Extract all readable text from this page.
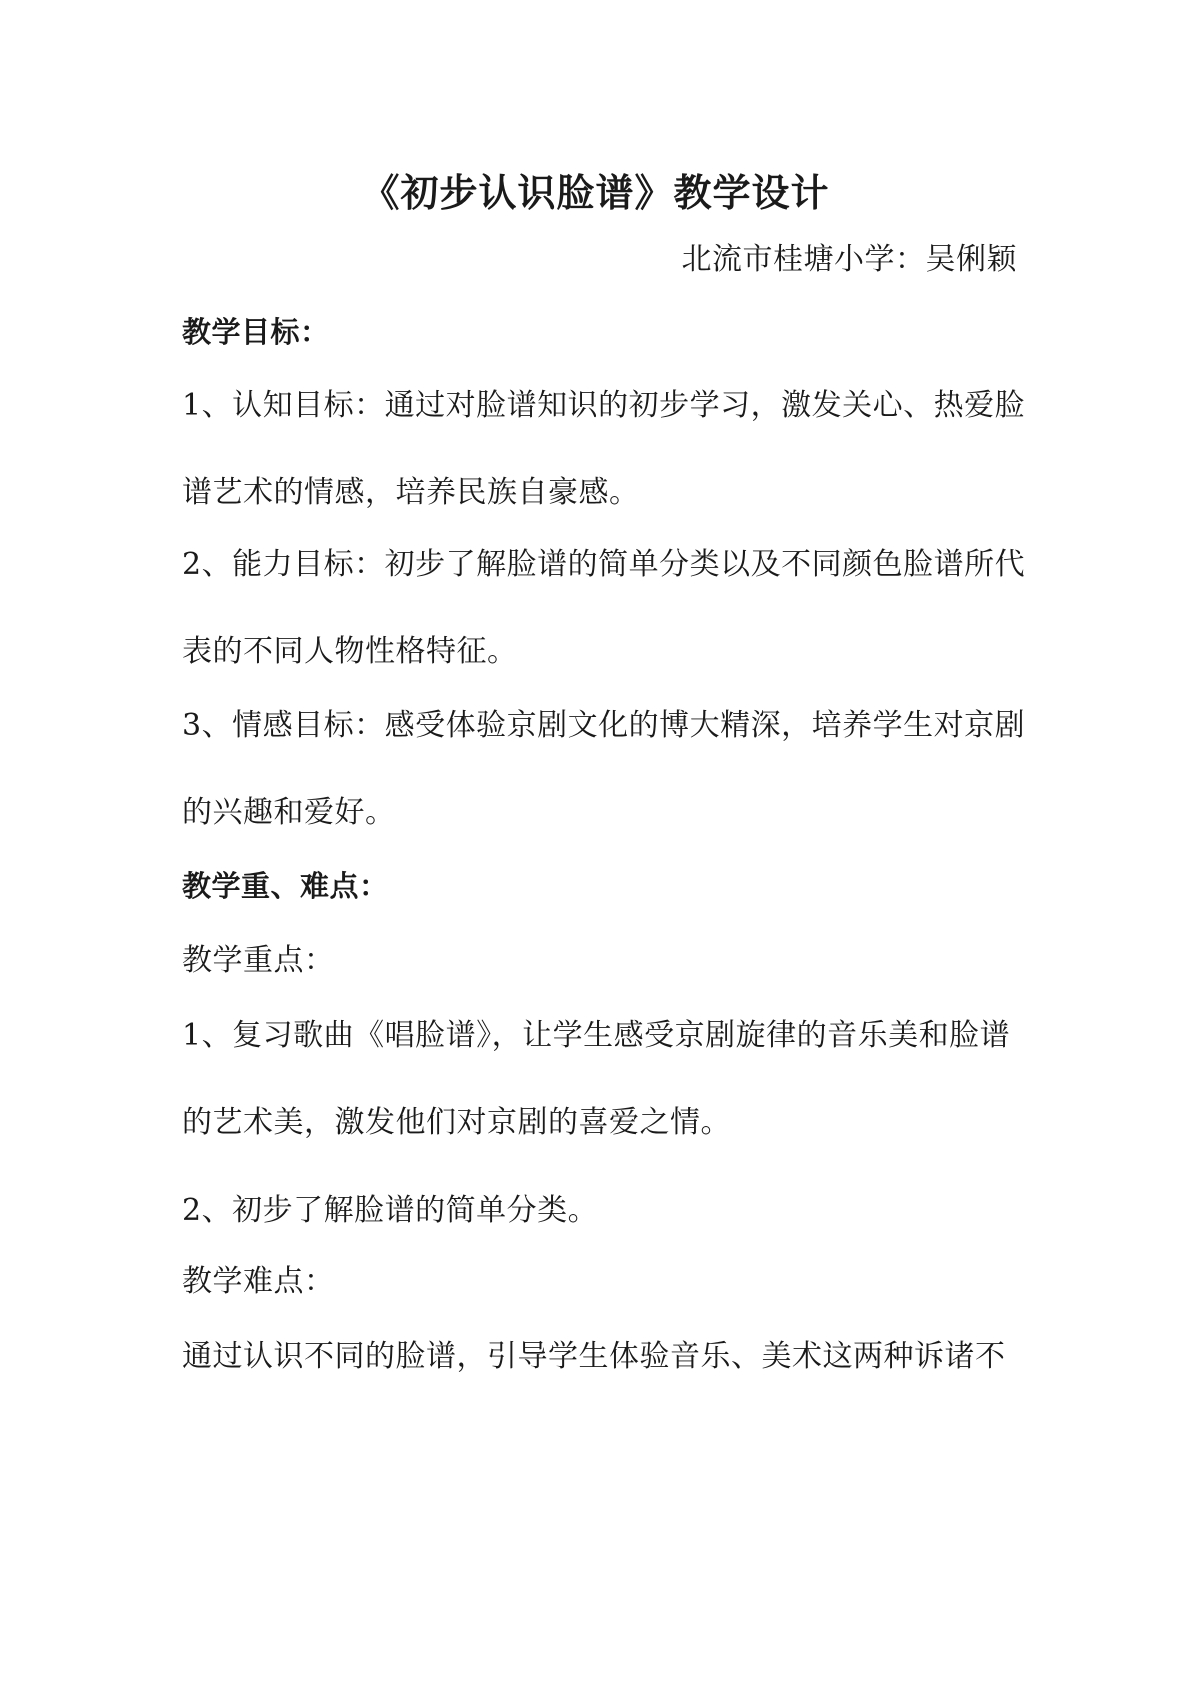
《初步认识脸谱》教学设计
北流市桂塘小学：吴俐颖
教学目标：
1、认知目标：通过对脸谱知识的初步学习，激发关心、热爱脸
谱艺术的情感，培养民族自豪感。
2、能力目标：初步了解脸谱的简单分类以及不同颜色脸谱所代
表的不同人物性格特征。
3、情感目标：感受体验京剧文化的博大精深，培养学生对京剧
的兴趣和爱好。
教学重、难点：
教学重点：
1、复习歌曲《唱脸谱》，让学生感受京剧旋律的音乐美和脸谱
的艺术美，激发他们对京剧的喜爱之情。
2、初步了解脸谱的简单分类。
教学难点：
通过认识不同的脸谱，引导学生体验音乐、美术这两种诉诸不
